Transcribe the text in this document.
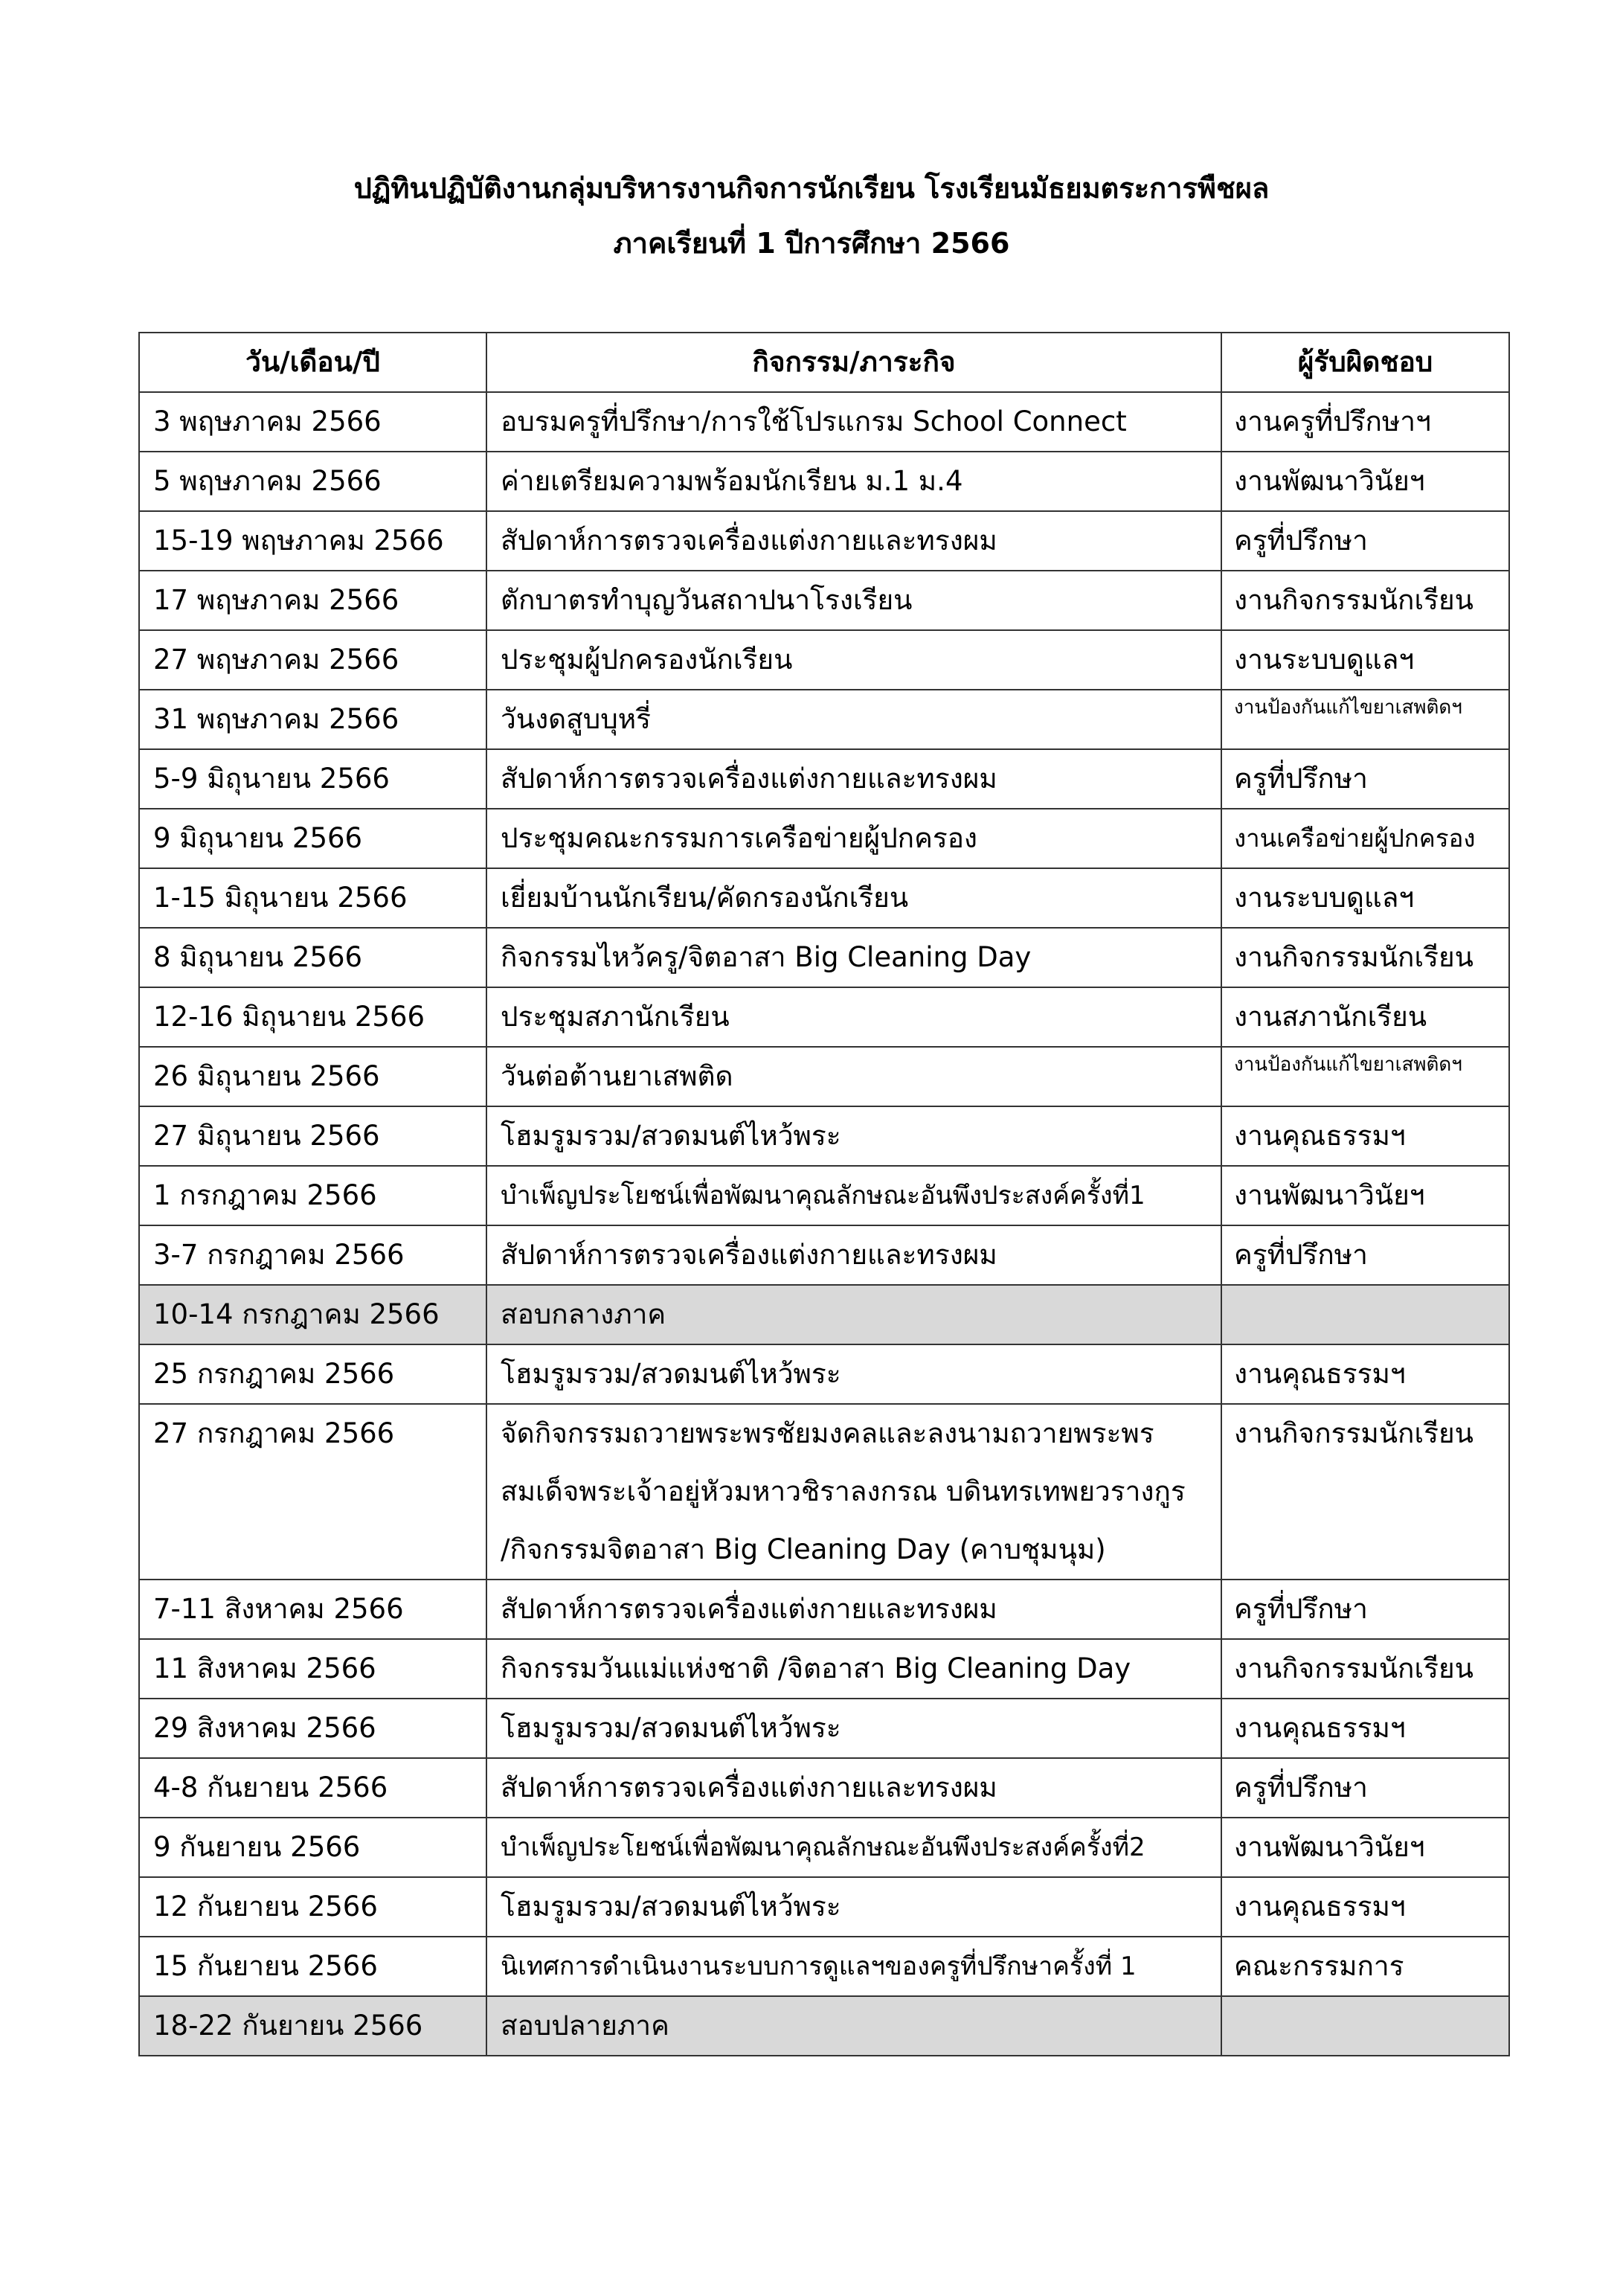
ปฏิทินปฏิบัติงานกลุ่มบริหารงานกิจการนักเรียน โรงเรียนมัธยมตระการพืชผล
ภาคเรียนที่ 1 ปีการศึกษา 2566
วัน/เดือน/ปี	กิจกรรม/ภาระกิจ	ผู้รับผิดชอบ
3 พฤษภาคม 2566	อบรมครูที่ปรึกษา/การใช้โปรแกรม School Connect	งานครูที่ปรึกษาฯ
5 พฤษภาคม 2566	ค่ายเตรียมความพร้อมนักเรียน ม.1 ม.4	งานพัฒนาวินัยฯ
15-19 พฤษภาคม 2566	สัปดาห์การตรวจเครื่องแต่งกายและทรงผม	ครูที่ปรึกษา
17 พฤษภาคม 2566	ตักบาตรทำบุญวันสถาปนาโรงเรียน	งานกิจกรรมนักเรียน
27 พฤษภาคม 2566	ประชุมผู้ปกครองนักเรียน	งานระบบดูแลฯ
31 พฤษภาคม 2566	วันงดสูบบุหรี่	งานป้องกันแก้ไขยาเสพติดฯ
5-9 มิถุนายน 2566	สัปดาห์การตรวจเครื่องแต่งกายและทรงผม	ครูที่ปรึกษา
9 มิถุนายน 2566	ประชุมคณะกรรมการเครือข่ายผู้ปกครอง	งานเครือข่ายผู้ปกครอง
1-15 มิถุนายน 2566	เยี่ยมบ้านนักเรียน/คัดกรองนักเรียน	งานระบบดูแลฯ
8 มิถุนายน 2566	กิจกรรมไหว้ครู/จิตอาสา Big Cleaning Day	งานกิจกรรมนักเรียน
12-16 มิถุนายน 2566	ประชุมสภานักเรียน	งานสภานักเรียน
26 มิถุนายน 2566	วันต่อต้านยาเสพติด	งานป้องกันแก้ไขยาเสพติดฯ
27 มิถุนายน 2566	โฮมรูมรวม/สวดมนต์ไหว้พระ	งานคุณธรรมฯ
1 กรกฎาคม 2566	บำเพ็ญประโยชน์เพื่อพัฒนาคุณลักษณะอันพึงประสงค์ครั้งที่1	งานพัฒนาวินัยฯ
3-7 กรกฎาคม 2566	สัปดาห์การตรวจเครื่องแต่งกายและทรงผม	ครูที่ปรึกษา
10-14 กรกฎาคม 2566	สอบกลางภาค	
25 กรกฎาคม 2566	โฮมรูมรวม/สวดมนต์ไหว้พระ	งานคุณธรรมฯ
27 กรกฎาคม 2566	จัดกิจกรรมถวายพระพรชัยมงคลและลงนามถวายพระพร
สมเด็จพระเจ้าอยู่หัวมหาวชิราลงกรณ บดินทรเทพยวรางกูร
/กิจกรรมจิตอาสา Big Cleaning Day (คาบชุมนุม)	งานกิจกรรมนักเรียน
7-11 สิงหาคม 2566	สัปดาห์การตรวจเครื่องแต่งกายและทรงผม	ครูที่ปรึกษา
11 สิงหาคม 2566	กิจกรรมวันแม่แห่งชาติ /จิตอาสา Big Cleaning Day	งานกิจกรรมนักเรียน
29 สิงหาคม 2566	โฮมรูมรวม/สวดมนต์ไหว้พระ	งานคุณธรรมฯ
4-8 กันยายน 2566	สัปดาห์การตรวจเครื่องแต่งกายและทรงผม	ครูที่ปรึกษา
9 กันยายน 2566	บำเพ็ญประโยชน์เพื่อพัฒนาคุณลักษณะอันพึงประสงค์ครั้งที่2	งานพัฒนาวินัยฯ
12 กันยายน 2566	โฮมรูมรวม/สวดมนต์ไหว้พระ	งานคุณธรรมฯ
15 กันยายน 2566	นิเทศการดำเนินงานระบบการดูแลฯของครูที่ปรึกษาครั้งที่ 1	คณะกรรมการ
18-22 กันยายน 2566	สอบปลายภาค	
